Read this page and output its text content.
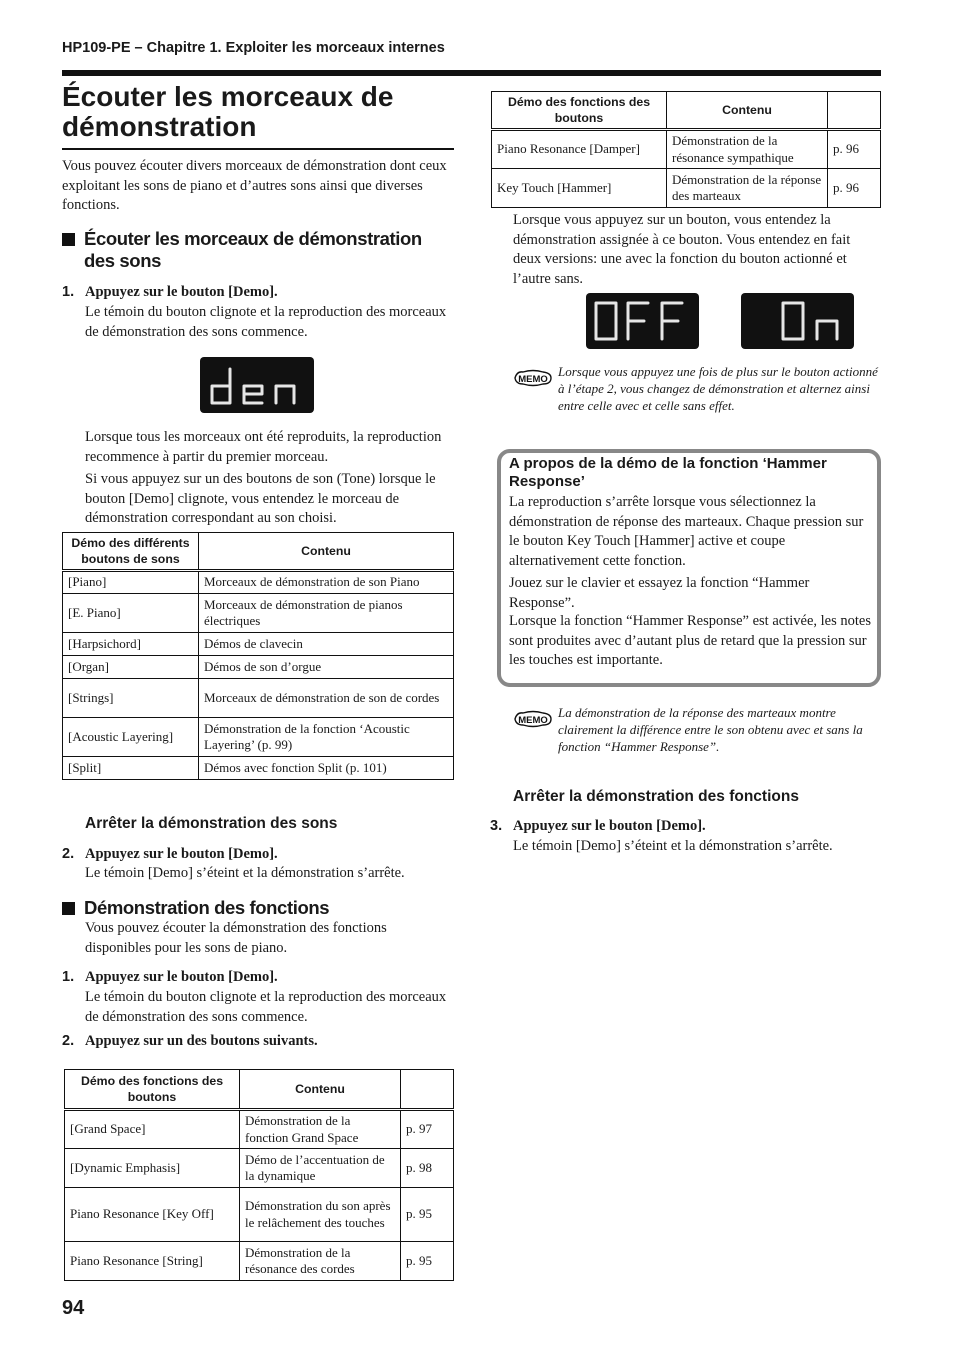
HP109-PE – Chapitre 1. Exploiter les morceaux internes
Écouter les morceaux de démonstration

Vous pouvez écouter divers morceaux de démonstration dont ceux exploitant les sons de piano et d’autres sons ainsi que diverses fonctions.

Écouter les morceaux de démonstration des sons
1. Appuyez sur le bouton [Demo].

Le témoin du bouton clignote et la reproduction des morceaux de démonstration des sons commence.

Lorsque tous les morceaux ont été reproduits, la reproduction recommence à partir du premier morceau.

Si vous appuyez sur un des boutons de son (Tone) lorsque le bouton [Demo] clignote, vous entendez le morceau de démonstration correspondant au son choisi.

Démo des différents boutons de sons	Contenu
[Piano]	Morceaux de démonstration de son Piano
[E. Piano]	Morceaux de démonstration de pianos électriques
[Harpsichord]	Démos de clavecin
[Organ]	Démos de son d’orgue
[Strings]	Morceaux de démonstration de son de cordes
[Acoustic Layering]	Démonstration de la fonction ‘Acoustic Layering’ (p. 99)
[Split]	Démos avec fonction Split (p. 101)
Arrêter la démonstration des sons
2. Appuyez sur le bouton [Demo].

Le témoin [Demo] s’éteint et la démonstration s’arrête.

Démonstration des fonctions

Vous pouvez écouter la démonstration des fonctions disponibles pour les sons de piano.

1. Appuyez sur le bouton [Demo].

Le témoin du bouton clignote et la reproduction des morceaux de démonstration des sons commence.

2. Appuyez sur un des boutons suivants.
Démo des fonctions des boutons	Contenu	
[Grand Space]	Démonstration de la fonction Grand Space	p. 97
[Dynamic Emphasis]	Démo de l’accentuation de la dynamique	p. 98
Piano Resonance [Key Off]	Démonstration du son après le relâchement des touches	p. 95
Piano Resonance [String]	Démonstration de la résonance des cordes	p. 95
94
Démo des fonctions des boutons	Contenu	
Piano Resonance [Damper]	Démonstration de la résonance sympathique	p. 96
Key Touch [Hammer]	Démonstration de la réponse des marteaux	p. 96

Lorsque vous appuyez sur un bouton, vous entendez la démonstration assignée à ce bouton. Vous entendez en fait deux versions: une avec la fonction du bouton actionné et l’autre sans.

MEMO

Lorsque vous appuyez une fois de plus sur le bouton actionné à l’étape 2, vous changez de démonstration et alternez ainsi entre celle avec et celle sans effet.

A propos de la démo de la fonction ‘Hammer Response’

La reproduction s’arrête lorsque vous sélectionnez la démonstration de réponse des marteaux. Chaque pression sur le bouton Key Touch [Hammer] active et coupe alternativement cette fonction.

Jouez sur le clavier et essayez la fonction “Hammer Response”.

Lorsque la fonction “Hammer Response” est activée, les notes sont produites avec d’autant plus de retard que la pression sur les touches est importante.

MEMO

La démonstration de la réponse des marteaux montre clairement la différence entre le son obtenu avec et sans la fonction “Hammer Response”.

Arrêter la démonstration des fonctions
3. Appuyez sur le bouton [Demo].

Le témoin [Demo] s’éteint et la démonstration s’arrête.
